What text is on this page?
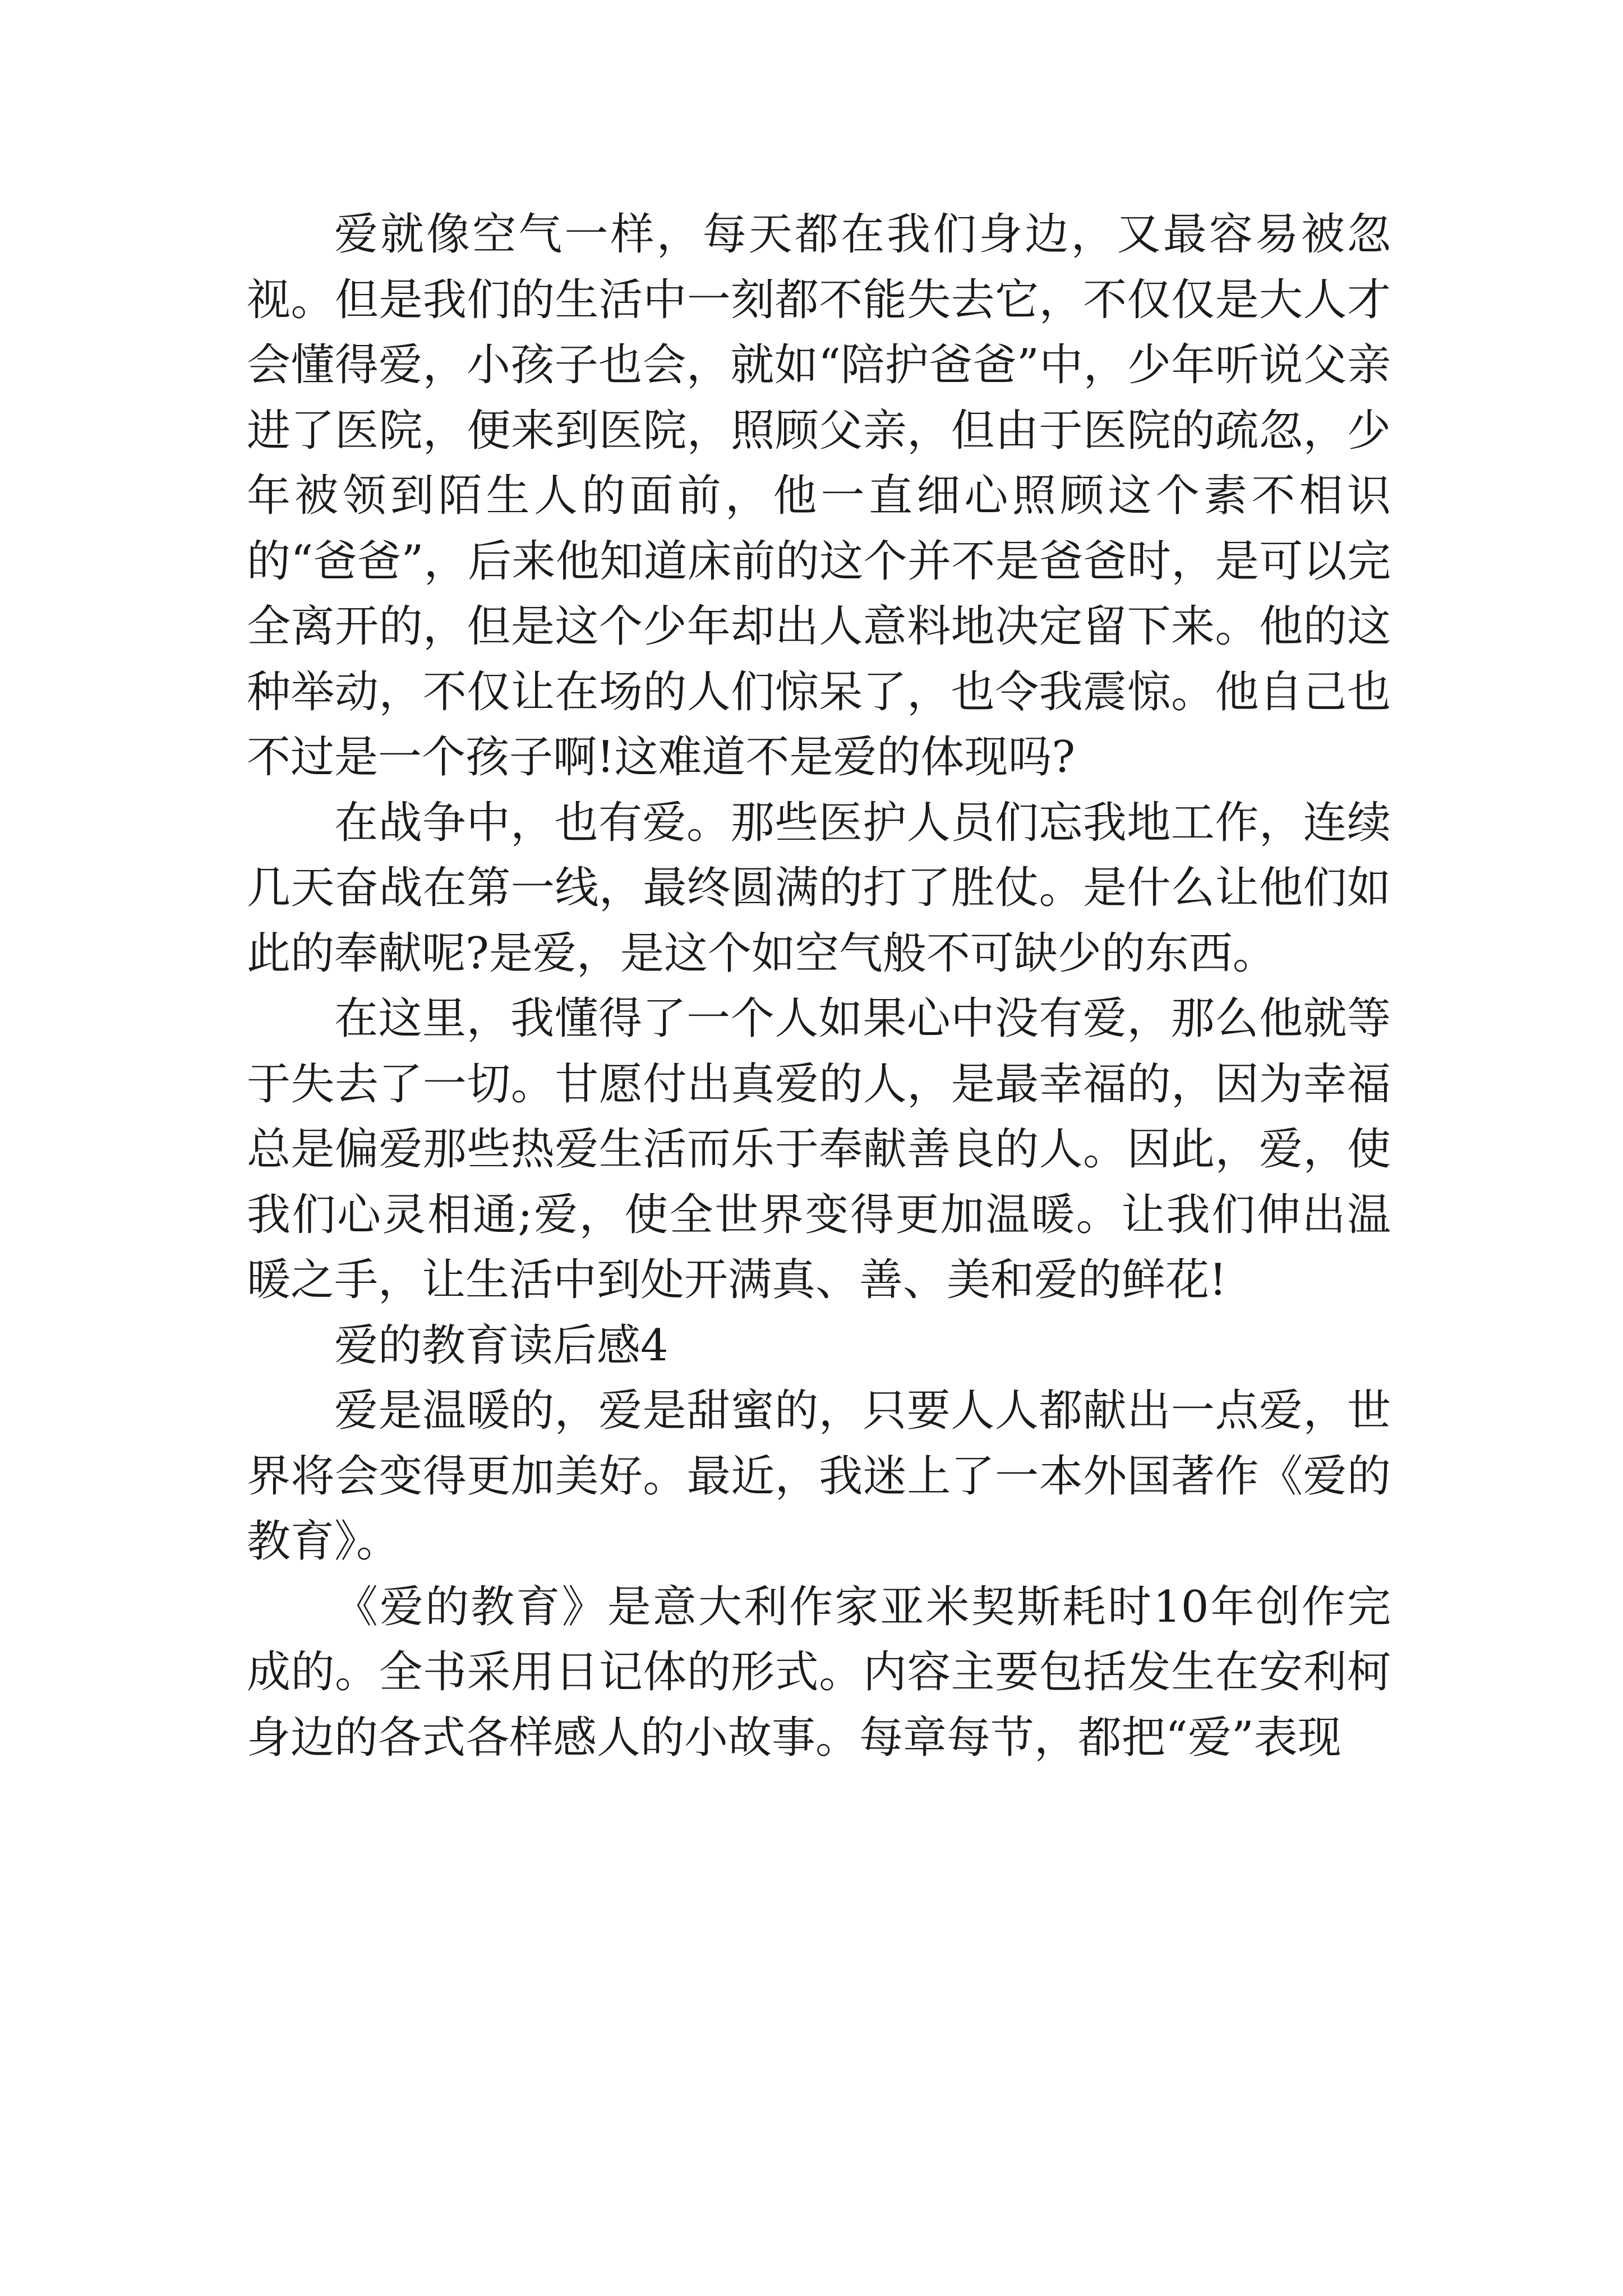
爱就像空气一样，每天都在我们身边，又最容易被忽视。但是我们的生活中一刻都不能失去它，不仅仅是大人才会懂得爱，小孩子也会，就如“陪护爸爸”中，少年听说父亲进了医院，便来到医院，照顾父亲，但由于医院的疏忽，少年被领到陌生人的面前，他一直细心照顾这个素不相识的“爸爸”，后来他知道床前的这个并不是爸爸时，是可以完全离开的，但是这个少年却出人意料地决定留下来。他的这种举动，不仅让在场的人们惊呆了，也令我震惊。他自己也不过是一个孩子啊!这难道不是爱的体现吗?

在战争中，也有爱。那些医护人员们忘我地工作，连续几天奋战在第一线，最终圆满的打了胜仗。是什么让他们如此的奉献呢?是爱，是这个如空气般不可缺少的东西。

在这里，我懂得了一个人如果心中没有爱，那么他就等于失去了一切。甘愿付出真爱的人，是最幸福的，因为幸福总是偏爱那些热爱生活而乐于奉献善良的人。因此，爱，使我们心灵相通;爱，使全世界变得更加温暖。让我们伸出温暖之手，让生活中到处开满真、善、美和爱的鲜花!

爱的教育读后感4

爱是温暖的，爱是甜蜜的，只要人人都献出一点爱，世界将会变得更加美好。最近，我迷上了一本外国著作《爱的教育》。

《爱的教育》是意大利作家亚米契斯耗时10年创作完成的。全书采用日记体的形式。内容主要包括发生在安利柯身边的各式各样感人的小故事。每章每节，都把“爱”表现
